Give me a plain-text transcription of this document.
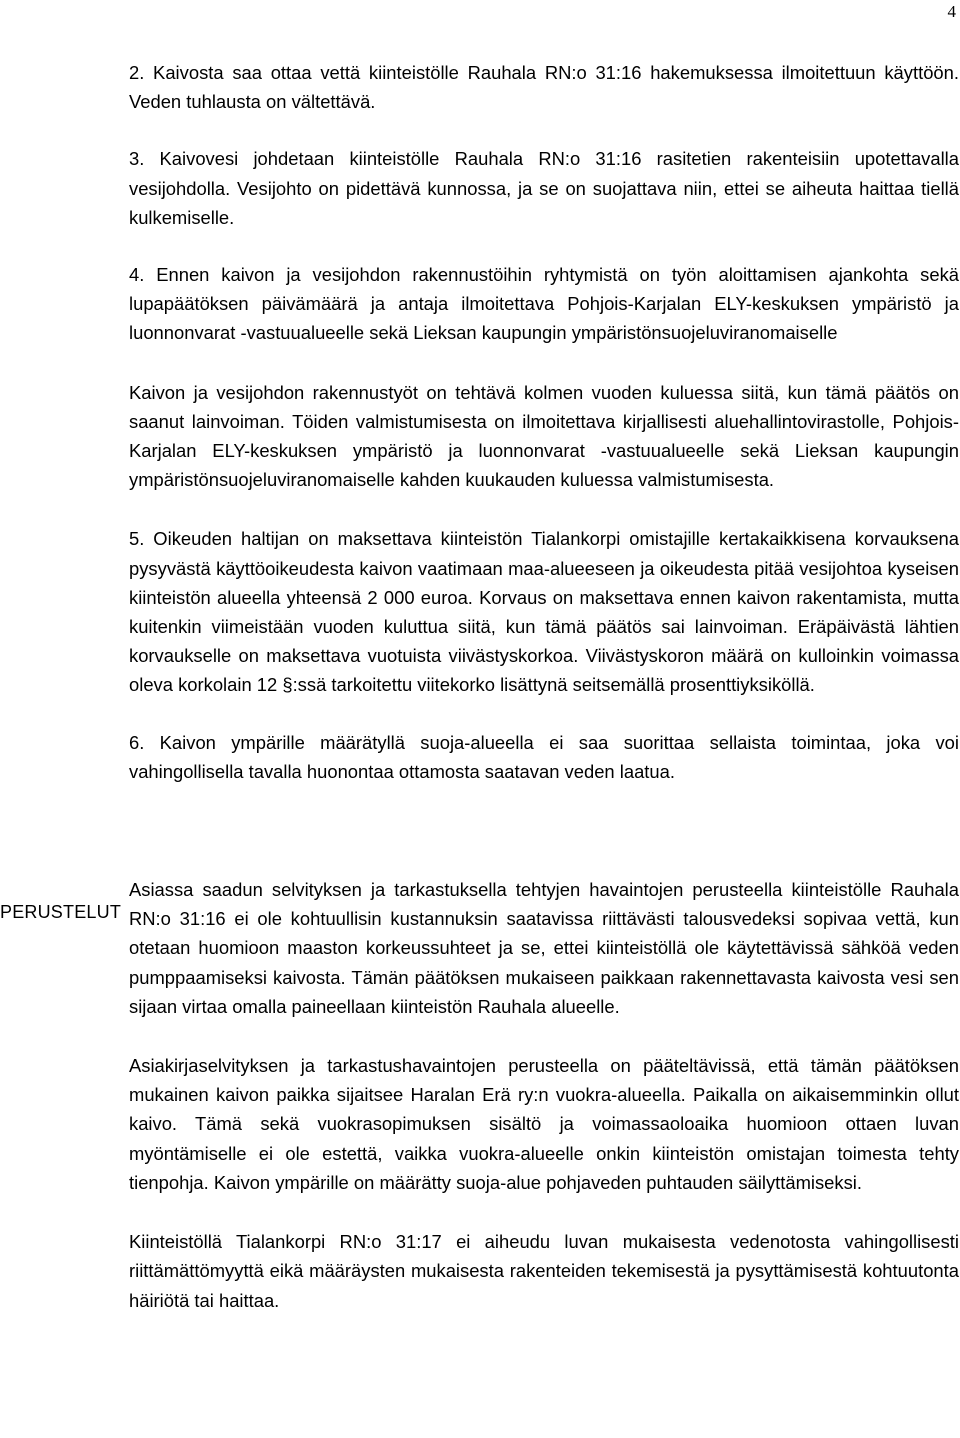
4
PERUSTELUT

2. Kaivosta saa ottaa vettä kiinteistölle Rauhala RN:o 31:16 hakemuksessa ilmoitettuun käyttöön. Veden tuhlausta on vältettävä.

3. Kaivovesi johdetaan kiinteistölle Rauhala RN:o 31:16 rasitetien rakenteisiin upotettavalla vesijohdolla. Vesijohto on pidettävä kunnossa, ja se on suojattava niin, ettei se aiheuta haittaa tiellä kulkemiselle.

4. Ennen kaivon ja vesijohdon rakennustöihin ryhtymistä on työn aloittamisen ajankohta sekä lupapäätöksen päivämäärä ja antaja ilmoitettava Pohjois-Karjalan ELY-keskuksen ympäristö ja luonnonvarat -vastuualueelle sekä Lieksan kaupungin ympäristönsuojeluviranomaiselle

Kaivon ja vesijohdon rakennustyöt on tehtävä kolmen vuoden kuluessa siitä, kun tämä päätös on saanut lainvoiman. Töiden valmistumisesta on ilmoitettava kirjallisesti aluehallintovirastolle, Pohjois-Karjalan ELY-keskuksen ympäristö ja luonnonvarat -vastuualueelle sekä Lieksan kaupungin ympäristönsuojeluviranomaiselle kahden kuukauden kuluessa valmistumisesta.

5. Oikeuden haltijan on maksettava kiinteistön Tialankorpi omistajille kertakaikkisena korvauksena pysyvästä käyttöoikeudesta kaivon vaatimaan maa-alueeseen ja oikeudesta pitää vesijohtoa kyseisen kiinteistön alueella yhteensä 2 000 euroa. Korvaus on maksettava ennen kaivon rakentamista, mutta kuitenkin viimeistään vuoden kuluttua siitä, kun tämä päätös sai lainvoiman. Eräpäivästä lähtien korvaukselle on maksettava vuotuista viivästyskorkoa. Viivästyskoron määrä on kulloinkin voimassa oleva korkolain 12 §:ssä tarkoitettu viitekorko lisättynä seitsemällä prosenttiyksiköllä.

6. Kaivon ympärille määrätyllä suoja-alueella ei saa suorittaa sellaista toimintaa, joka voi vahingollisella tavalla huonontaa ottamosta saatavan veden laatua.

Asiassa saadun selvityksen ja tarkastuksella tehtyjen havaintojen perusteella kiinteistölle Rauhala RN:o 31:16 ei ole kohtuullisin kustannuksin saatavissa riittävästi talousvedeksi sopivaa vettä, kun otetaan huomioon maaston korkeussuhteet ja se, ettei kiinteistöllä ole käytettävissä sähköä veden pumppaamiseksi kaivosta. Tämän päätöksen mukaiseen paikkaan rakennettavasta kaivosta vesi sen sijaan virtaa omalla paineellaan kiinteistön Rauhala alueelle.

Asiakirjaselvityksen ja tarkastushavaintojen perusteella on pääteltävissä, että tämän päätöksen mukainen kaivon paikka sijaitsee Haralan Erä ry:n vuokra-alueella. Paikalla on aikaisemminkin ollut kaivo. Tämä sekä vuokrasopimuksen sisältö ja voimassaoloaika huomioon ottaen luvan myöntämiselle ei ole estettä, vaikka vuokra-alueelle onkin kiinteistön omistajan toimesta tehty tienpohja. Kaivon ympärille on määrätty suoja-alue pohjaveden puhtauden säilyttämiseksi.

Kiinteistöllä Tialankorpi RN:o 31:17 ei aiheudu luvan mukaisesta vedenotosta vahingollisesti riittämättömyyttä eikä määräysten mukaisesta rakenteiden tekemisestä ja pysyttämisestä kohtuutonta häiriötä tai haittaa.
